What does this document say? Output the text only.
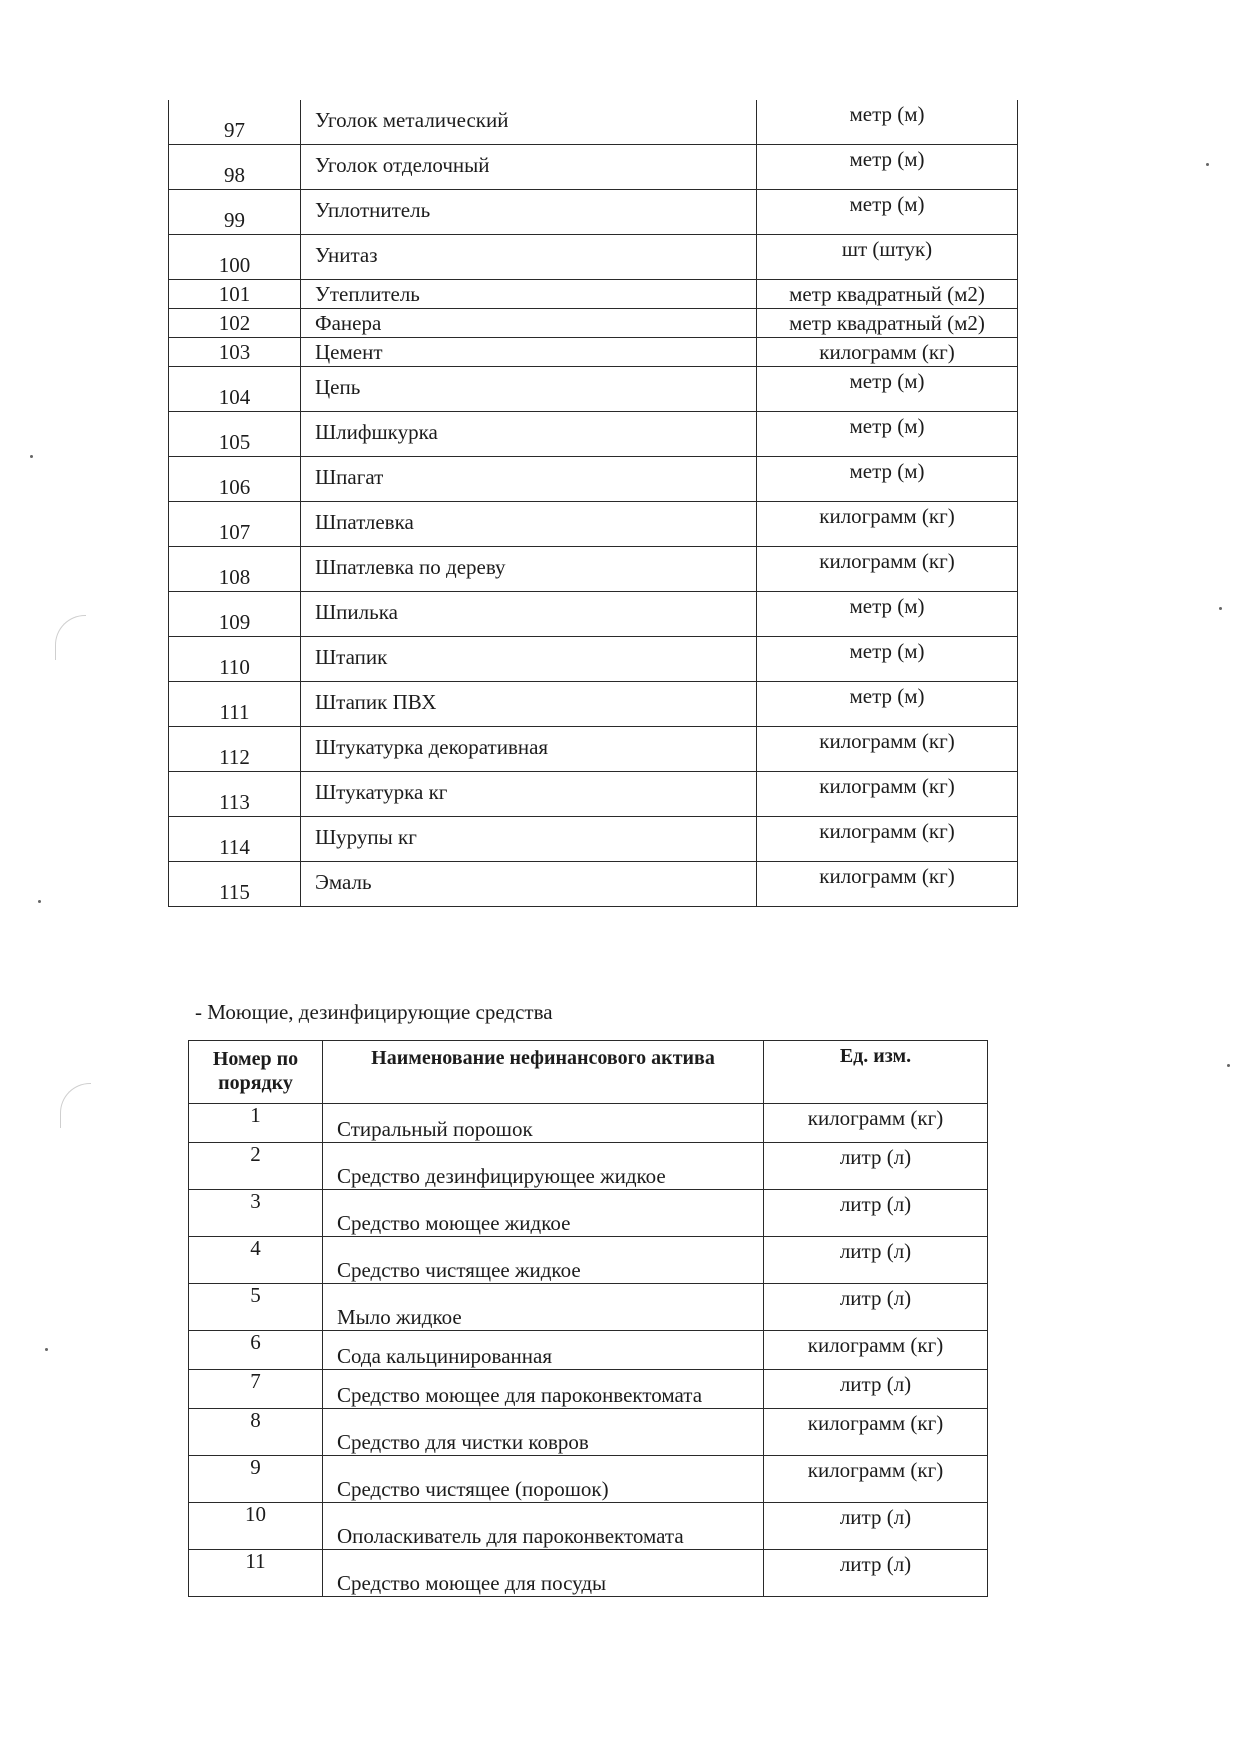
97	Уголок металический	метр (м)
98	Уголок отделочный	метр (м)
99	Уплотнитель	метр (м)
100	Унитаз	шт (штук)
101	Утеплитель	метр квадратный (м2)
102	Фанера	метр квадратный (м2)
103	Цемент	килограмм (кг)
104	Цепь	метр (м)
105	Шлифшкурка	метр (м)
106	Шпагат	метр (м)
107	Шпатлевка	килограмм (кг)
108	Шпатлевка по дереву	килограмм (кг)
109	Шпилька	метр (м)
110	Штапик	метр (м)
111	Штапик ПВХ	метр (м)
112	Штукатурка декоративная	килограмм (кг)
113	Штукатурка кг	килограмм (кг)
114	Шурупы кг	килограмм (кг)
115	Эмаль	килограмм (кг)
- Моющие, дезинфицирующие средства
Номер по порядку	Наименование нефинансового актива	Ед. изм.
1	Стиральный порошок	килограмм (кг)
2	Средство дезинфицирующее жидкое	литр (л)
3	Средство моющее жидкое	литр (л)
4	Средство чистящее жидкое	литр (л)
5	Мыло жидкое	литр (л)
6	Сода кальцинированная	килограмм (кг)
7	Средство моющее для пароконвектомата	литр (л)
8	Средство для чистки ковров	килограмм (кг)
9	Средство чистящее (порошок)	килограмм (кг)
10	Ополаскиватель для пароконвектомата	литр (л)
11	Средство моющее для посуды	литр (л)
